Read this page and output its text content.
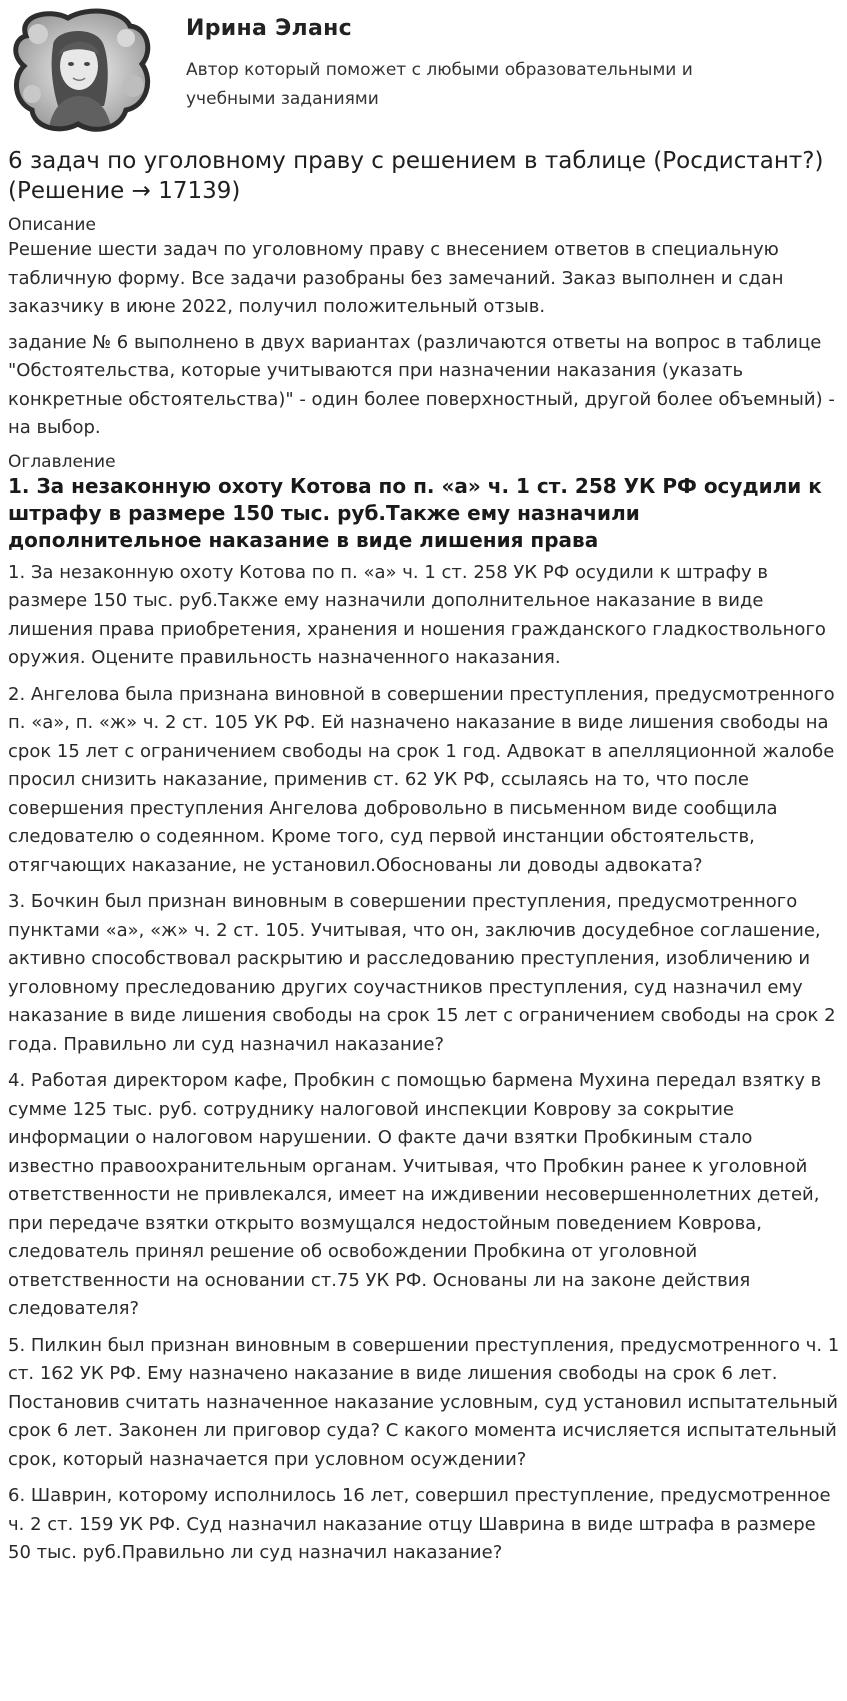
Ирина Эланс
Автор который поможет с любыми образовательными и учебными заданиями
6 задач по уголовному праву с решением в таблице (Росдистант?) (Решение → 17139)
Описание

Решение шести задач по уголовному праву с внесением ответов в специальную табличную форму. Все задачи разобраны без замечаний. Заказ выполнен и сдан заказчику в июне 2022, получил положительный отзыв.

задание № 6 выполнено в двух вариантах (различаются ответы на вопрос в таблице "Обстоятельства, которые учитываются при назначении наказания (указать конкретные обстоятельства)" - один более поверхностный, другой более объемный) - на выбор.

Оглавление
1. За незаконную охоту Котова по п. «а» ч. 1 ст. 258 УК РФ осудили к штрафу в размере 150 тыс. руб.Также ему назначили дополнительное наказание в виде лишения права

1. За незаконную охоту Котова по п. «а» ч. 1 ст. 258 УК РФ осудили к штрафу в размере 150 тыс. руб.Также ему назначили дополнительное наказание в виде лишения права приобретения, хранения и ношения гражданского гладкоствольного оружия. Оцените правильность назначенного наказания.

2. Ангелова была признана виновной в совершении преступления, предусмотренного п. «а», п. «ж» ч. 2 ст. 105 УК РФ. Ей назначено наказание в виде лишения свободы на срок 15 лет с ограничением свободы на срок 1 год. Адвокат в апелляционной жалобе просил снизить наказание, применив ст. 62 УК РФ, ссылаясь на то, что после совершения преступления Ангелова добровольно в письменном виде сообщила следователю о содеянном. Кроме того, суд первой инстанции обстоятельств, отягчающих наказание, не установил.Обоснованы ли доводы адвоката?

3. Бочкин был признан виновным в совершении преступления, предусмотренного пунктами «а», «ж» ч. 2 ст. 105. Учитывая, что он, заключив досудебное соглашение, активно способствовал раскрытию и расследованию преступления, изобличению и уголовному преследованию других соучастников преступления, суд назначил ему наказание в виде лишения свободы на срок 15 лет с ограничением свободы на срок 2 года. Правильно ли суд назначил наказание?

4. Работая директором кафе, Пробкин с помощью бармена Мухина передал взятку в сумме 125 тыс. руб. сотруднику налоговой инспекции Коврову за сокрытие информации о налоговом нарушении. О факте дачи взятки Пробкиным стало известно правоохранительным органам. Учитывая, что Пробкин ранее к уголовной ответственности не привлекался, имеет на иждивении несовершеннолетних детей, при передаче взятки открыто возмущался недостойным поведением Коврова, следователь принял решение об освобождении Пробкина от уголовной ответственности на основании ст.75 УК РФ. Основаны ли на законе действия следователя?

5. Пилкин был признан виновным в совершении преступления, предусмотренного ч. 1 ст. 162 УК РФ. Ему назначено наказание в виде лишения свободы на срок 6 лет. Постановив считать назначенное наказание условным, суд установил испытательный срок 6 лет. Законен ли приговор суда? С какого момента исчисляется испытательный срок, который назначается при условном осуждении?

6. Шаврин, которому исполнилось 16 лет, совершил преступление, предусмотренное ч. 2 ст. 159 УК РФ. Суд назначил наказание отцу Шаврина в виде штрафа в размере 50 тыс. руб.Правильно ли суд назначил наказание?
